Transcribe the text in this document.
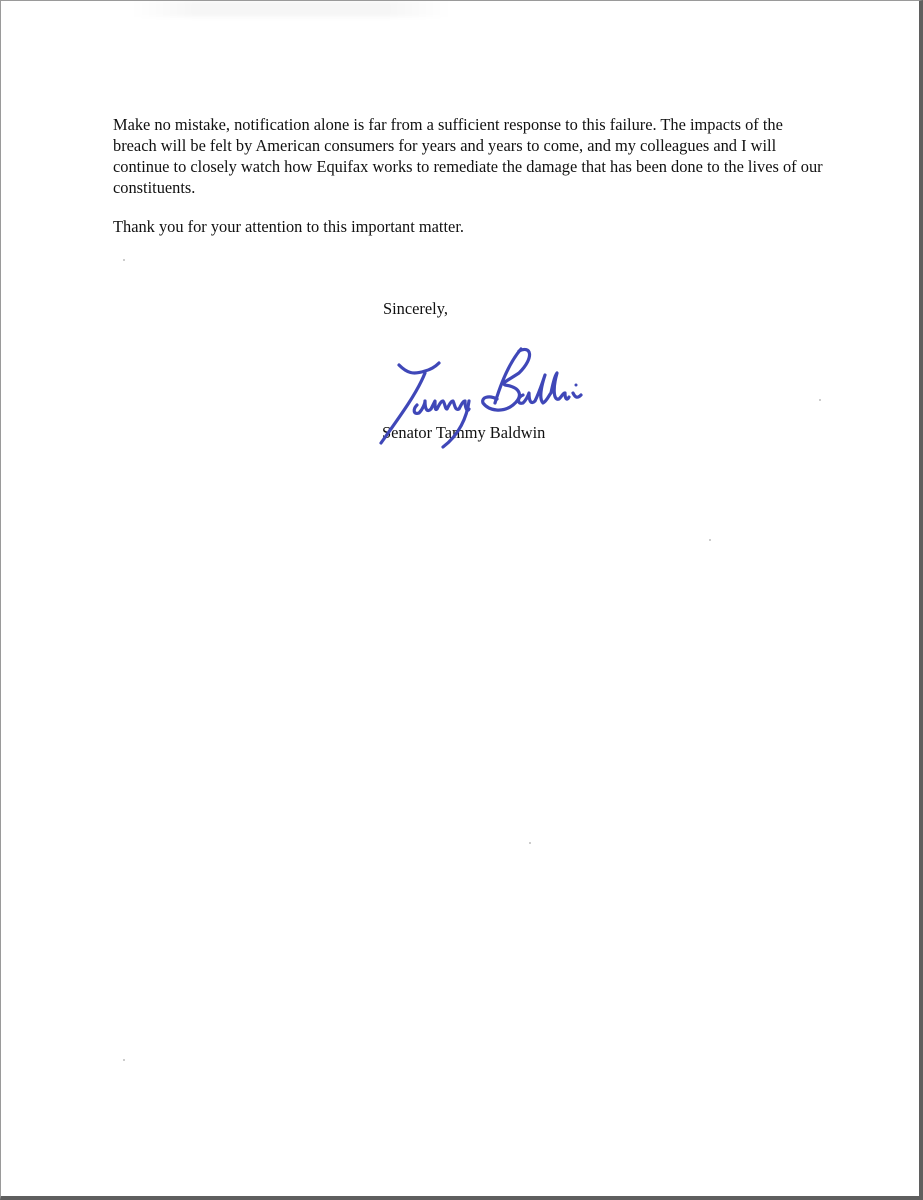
Make no mistake, notification alone is far from a sufficient response to this failure. The impacts of the breach will be felt by American consumers for years and years to come, and my colleagues and I will continue to closely watch how Equifax works to remediate the damage that has been done to the lives of our constituents.

Thank you for your attention to this important matter.

Sincerely,

Senator Tammy Baldwin
